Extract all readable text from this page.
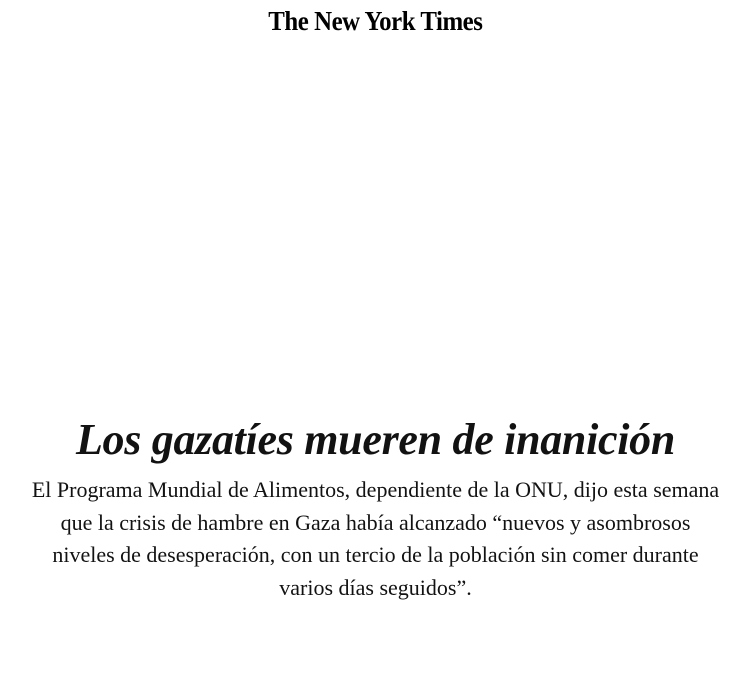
The New York Times
Los gazatíes mueren de inanición

El Programa Mundial de Alimentos, dependiente de la ONU, dijo esta semana que la crisis de hambre en Gaza había alcanzado “nuevos y asombrosos niveles de desesperación, con un tercio de la población sin comer durante varios días seguidos”.
